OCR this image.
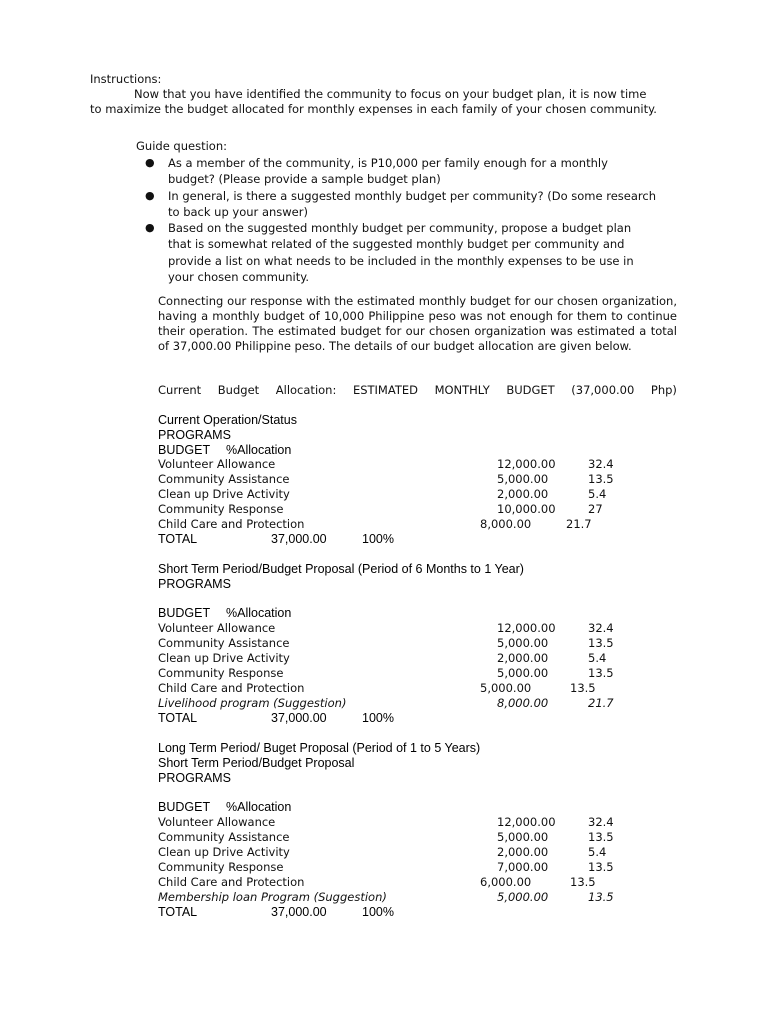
Instructions:
Now that you have identified the community to focus on your budget plan, it is now time
to maximize the budget allocated for monthly expenses in each family of your chosen community.
Guide question:
● As a member of the community, is P10,000 per family enough for a monthly
budget? (Please provide a sample budget plan)
● In general, is there a suggested monthly budget per community? (Do some research
to back up your answer)
● Based on the suggested monthly budget per community, propose a budget plan
that is somewhat related of the suggested monthly budget per community and
provide a list on what needs to be included in the monthly expenses to be use in
your chosen community.
Connecting our response with the estimated monthly budget for our chosen organization, having a monthly budget of 10,000 Philippine peso was not enough for them to continue their operation. The estimated budget for our chosen organization was estimated a total of 37,000.00 Philippine peso. The details of our budget allocation are given below.
Current Budget Allocation: ESTIMATED MONTHLY BUDGET (37,000.00 Php)
Current Operation/Status
PROGRAMS
BUDGET %Allocation
Volunteer Allowance	12,000.00	32.4
Community Assistance	5,000.00	13.5
Clean up Drive Activity	2,000.00	5.4
Community Response	10,000.00	27
Child Care and Protection	8,000.00	21.7
TOTAL	37,000.00	100%
Short Term Period/Budget Proposal (Period of 6 Months to 1 Year)
PROGRAMS
BUDGET %Allocation
Volunteer Allowance	12,000.00	32.4
Community Assistance	5,000.00	13.5
Clean up Drive Activity	2,000.00	5.4
Community Response	5,000.00	13.5
Child Care and Protection	5,000.00	13.5
Livelihood program (Suggestion)	8,000.00	21.7
TOTAL	37,000.00	100%
Long Term Period/ Buget Proposal (Period of 1 to 5 Years)
Short Term Period/Budget Proposal
PROGRAMS
BUDGET %Allocation
Volunteer Allowance	12,000.00	32.4
Community Assistance	5,000.00	13.5
Clean up Drive Activity	2,000.00	5.4
Community Response	7,000.00	13.5
Child Care and Protection	6,000.00	13.5
Membership loan Program (Suggestion)	5,000.00	13.5
TOTAL	37,000.00	100%
